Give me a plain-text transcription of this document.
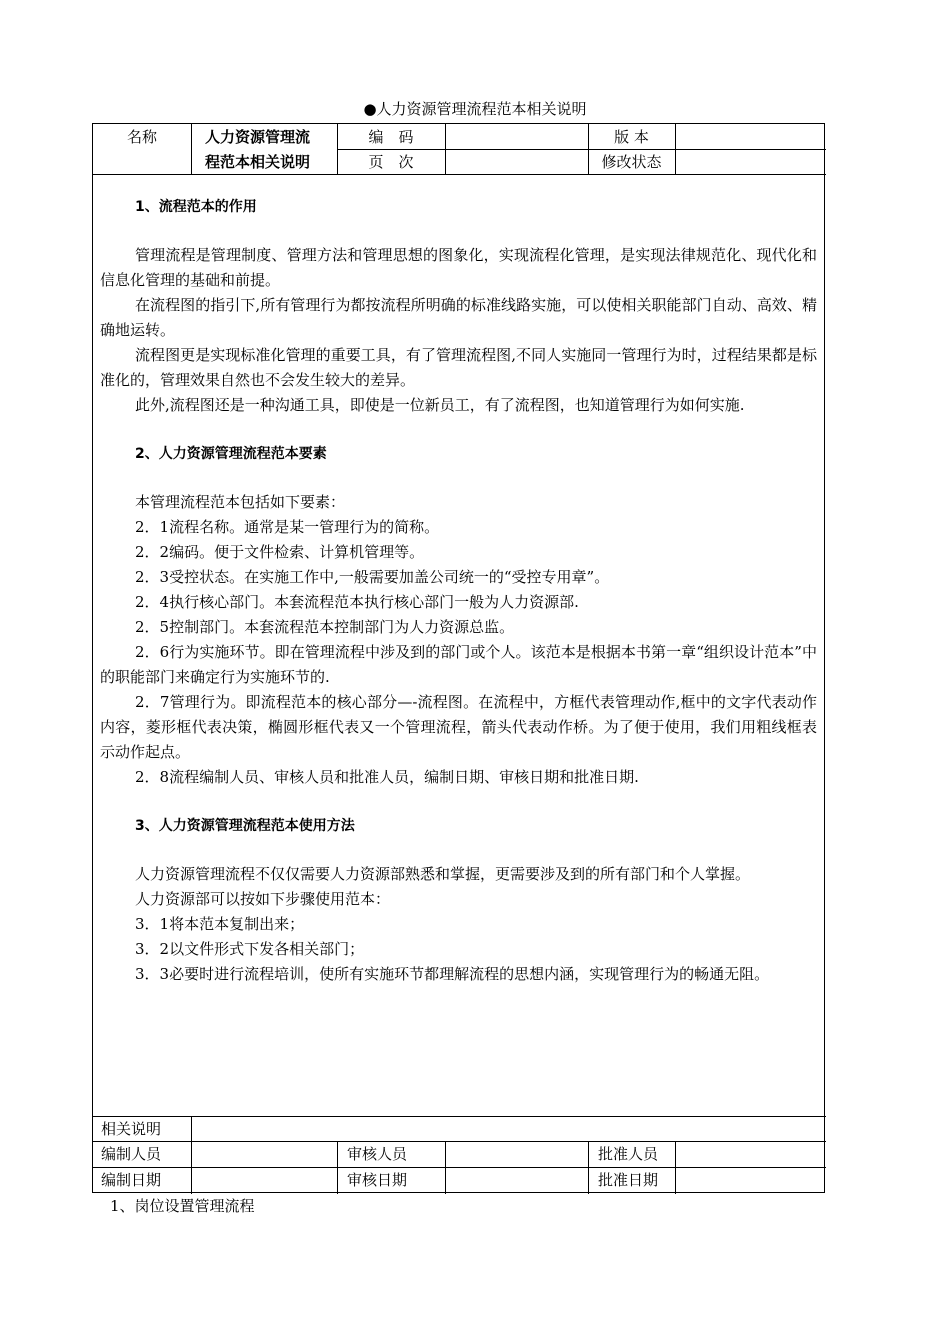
●人力资源管理流程范本相关说明
名称	人力资源管理流
程范本相关说明
编　码	版 本
页　次	修改状态
相关说明
编制人员	审核人员	批准人员
编制日期	审核日期	批准日期
1、流程范本的作用

管理流程是管理制度、管理方法和管理思想的图象化，实现流程化管理，是实现法律规范化、现代化和信息化管理的基础和前提。

在流程图的指引下,所有管理行为都按流程所明确的标准线路实施，可以使相关职能部门自动、高效、精确地运转。

流程图更是实现标准化管理的重要工具，有了管理流程图,不同人实施同一管理行为时，过程结果都是标准化的，管理效果自然也不会发生较大的差异。

此外,流程图还是一种沟通工具，即使是一位新员工，有了流程图，也知道管理行为如何实施.

2、人力资源管理流程范本要素

本管理流程范本包括如下要素：

2．1流程名称。通常是某一管理行为的简称。

2．2编码。便于文件检索、计算机管理等。

2．3受控状态。在实施工作中,一般需要加盖公司统一的“受控专用章”。

2．4执行核心部门。本套流程范本执行核心部门一般为人力资源部.

2．5控制部门。本套流程范本控制部门为人力资源总监。

2．6行为实施环节。即在管理流程中涉及到的部门或个人。该范本是根据本书第一章“组织设计范本”中的职能部门来确定行为实施环节的.

2．7管理行为。即流程范本的核心部分—-流程图。在流程中，方框代表管理动作,框中的文字代表动作内容，菱形框代表决策，椭圆形框代表又一个管理流程，箭头代表动作桥。为了便于使用，我们用粗线框表示动作起点。

2．8流程编制人员、审核人员和批准人员，编制日期、审核日期和批准日期.

3、人力资源管理流程范本使用方法

人力资源管理流程不仅仅需要人力资源部熟悉和掌握，更需要涉及到的所有部门和个人掌握。

人力资源部可以按如下步骤使用范本：

3．1将本范本复制出来；

3．2以文件形式下发各相关部门；

3．3必要时进行流程培训，使所有实施环节都理解流程的思想内涵，实现管理行为的畅通无阻。

1、岗位设置管理流程
